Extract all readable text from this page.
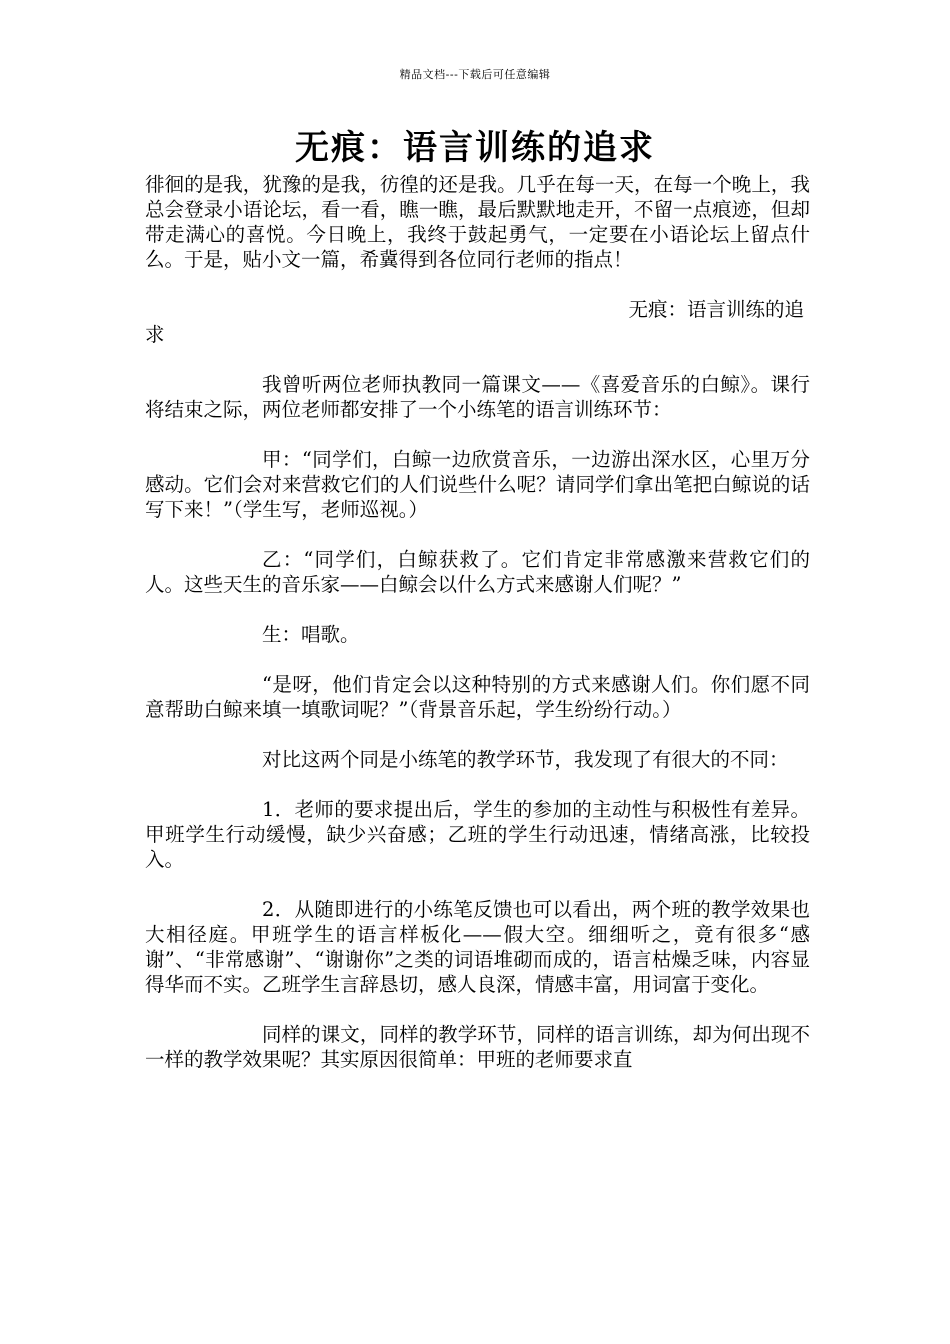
精品文档---下载后可任意编辑
无痕：语言训练的追求

徘徊的是我，犹豫的是我，彷徨的还是我。几乎在每一天，在每一个晚上，我总会登录小语论坛，看一看，瞧一瞧，最后默默地走开，不留一点痕迹，但却带走满心的喜悦。今日晚上，我终于鼓起勇气，一定要在小语论坛上留点什么。于是，贴小文一篇，希冀得到各位同行老师的指点！

无痕：语言训练的追
求

我曾听两位老师执教同一篇课文——《喜爱音乐的白鲸》。课行将结束之际，两位老师都安排了一个小练笔的语言训练环节：

甲：“同学们，白鲸一边欣赏音乐，一边游出深水区，心里万分感动。它们会对来营救它们的人们说些什么呢？请同学们拿出笔把白鲸说的话写下来！”（学生写，老师巡视。）

乙：“同学们，白鲸获救了。它们肯定非常感激来营救它们的人。这些天生的音乐家——白鲸会以什么方式来感谢人们呢？”

生：唱歌。

“是呀，他们肯定会以这种特别的方式来感谢人们。你们愿不同意帮助白鲸来填一填歌词呢？”（背景音乐起，学生纷纷行动。）

对比这两个同是小练笔的教学环节，我发现了有很大的不同：

1．老师的要求提出后，学生的参加的主动性与积极性有差异。甲班学生行动缓慢，缺少兴奋感；乙班的学生行动迅速，情绪高涨，比较投入。

2．从随即进行的小练笔反馈也可以看出，两个班的教学效果也大相径庭。甲班学生的语言样板化——假大空。细细听之，竟有很多“感谢”、“非常感谢”、“谢谢你”之类的词语堆砌而成的，语言枯燥乏味，内容显得华而不实。乙班学生言辞恳切，感人良深，情感丰富，用词富于变化。

同样的课文，同样的教学环节，同样的语言训练，却为何出现不一样的教学效果呢？其实原因很简单：甲班的老师要求直
